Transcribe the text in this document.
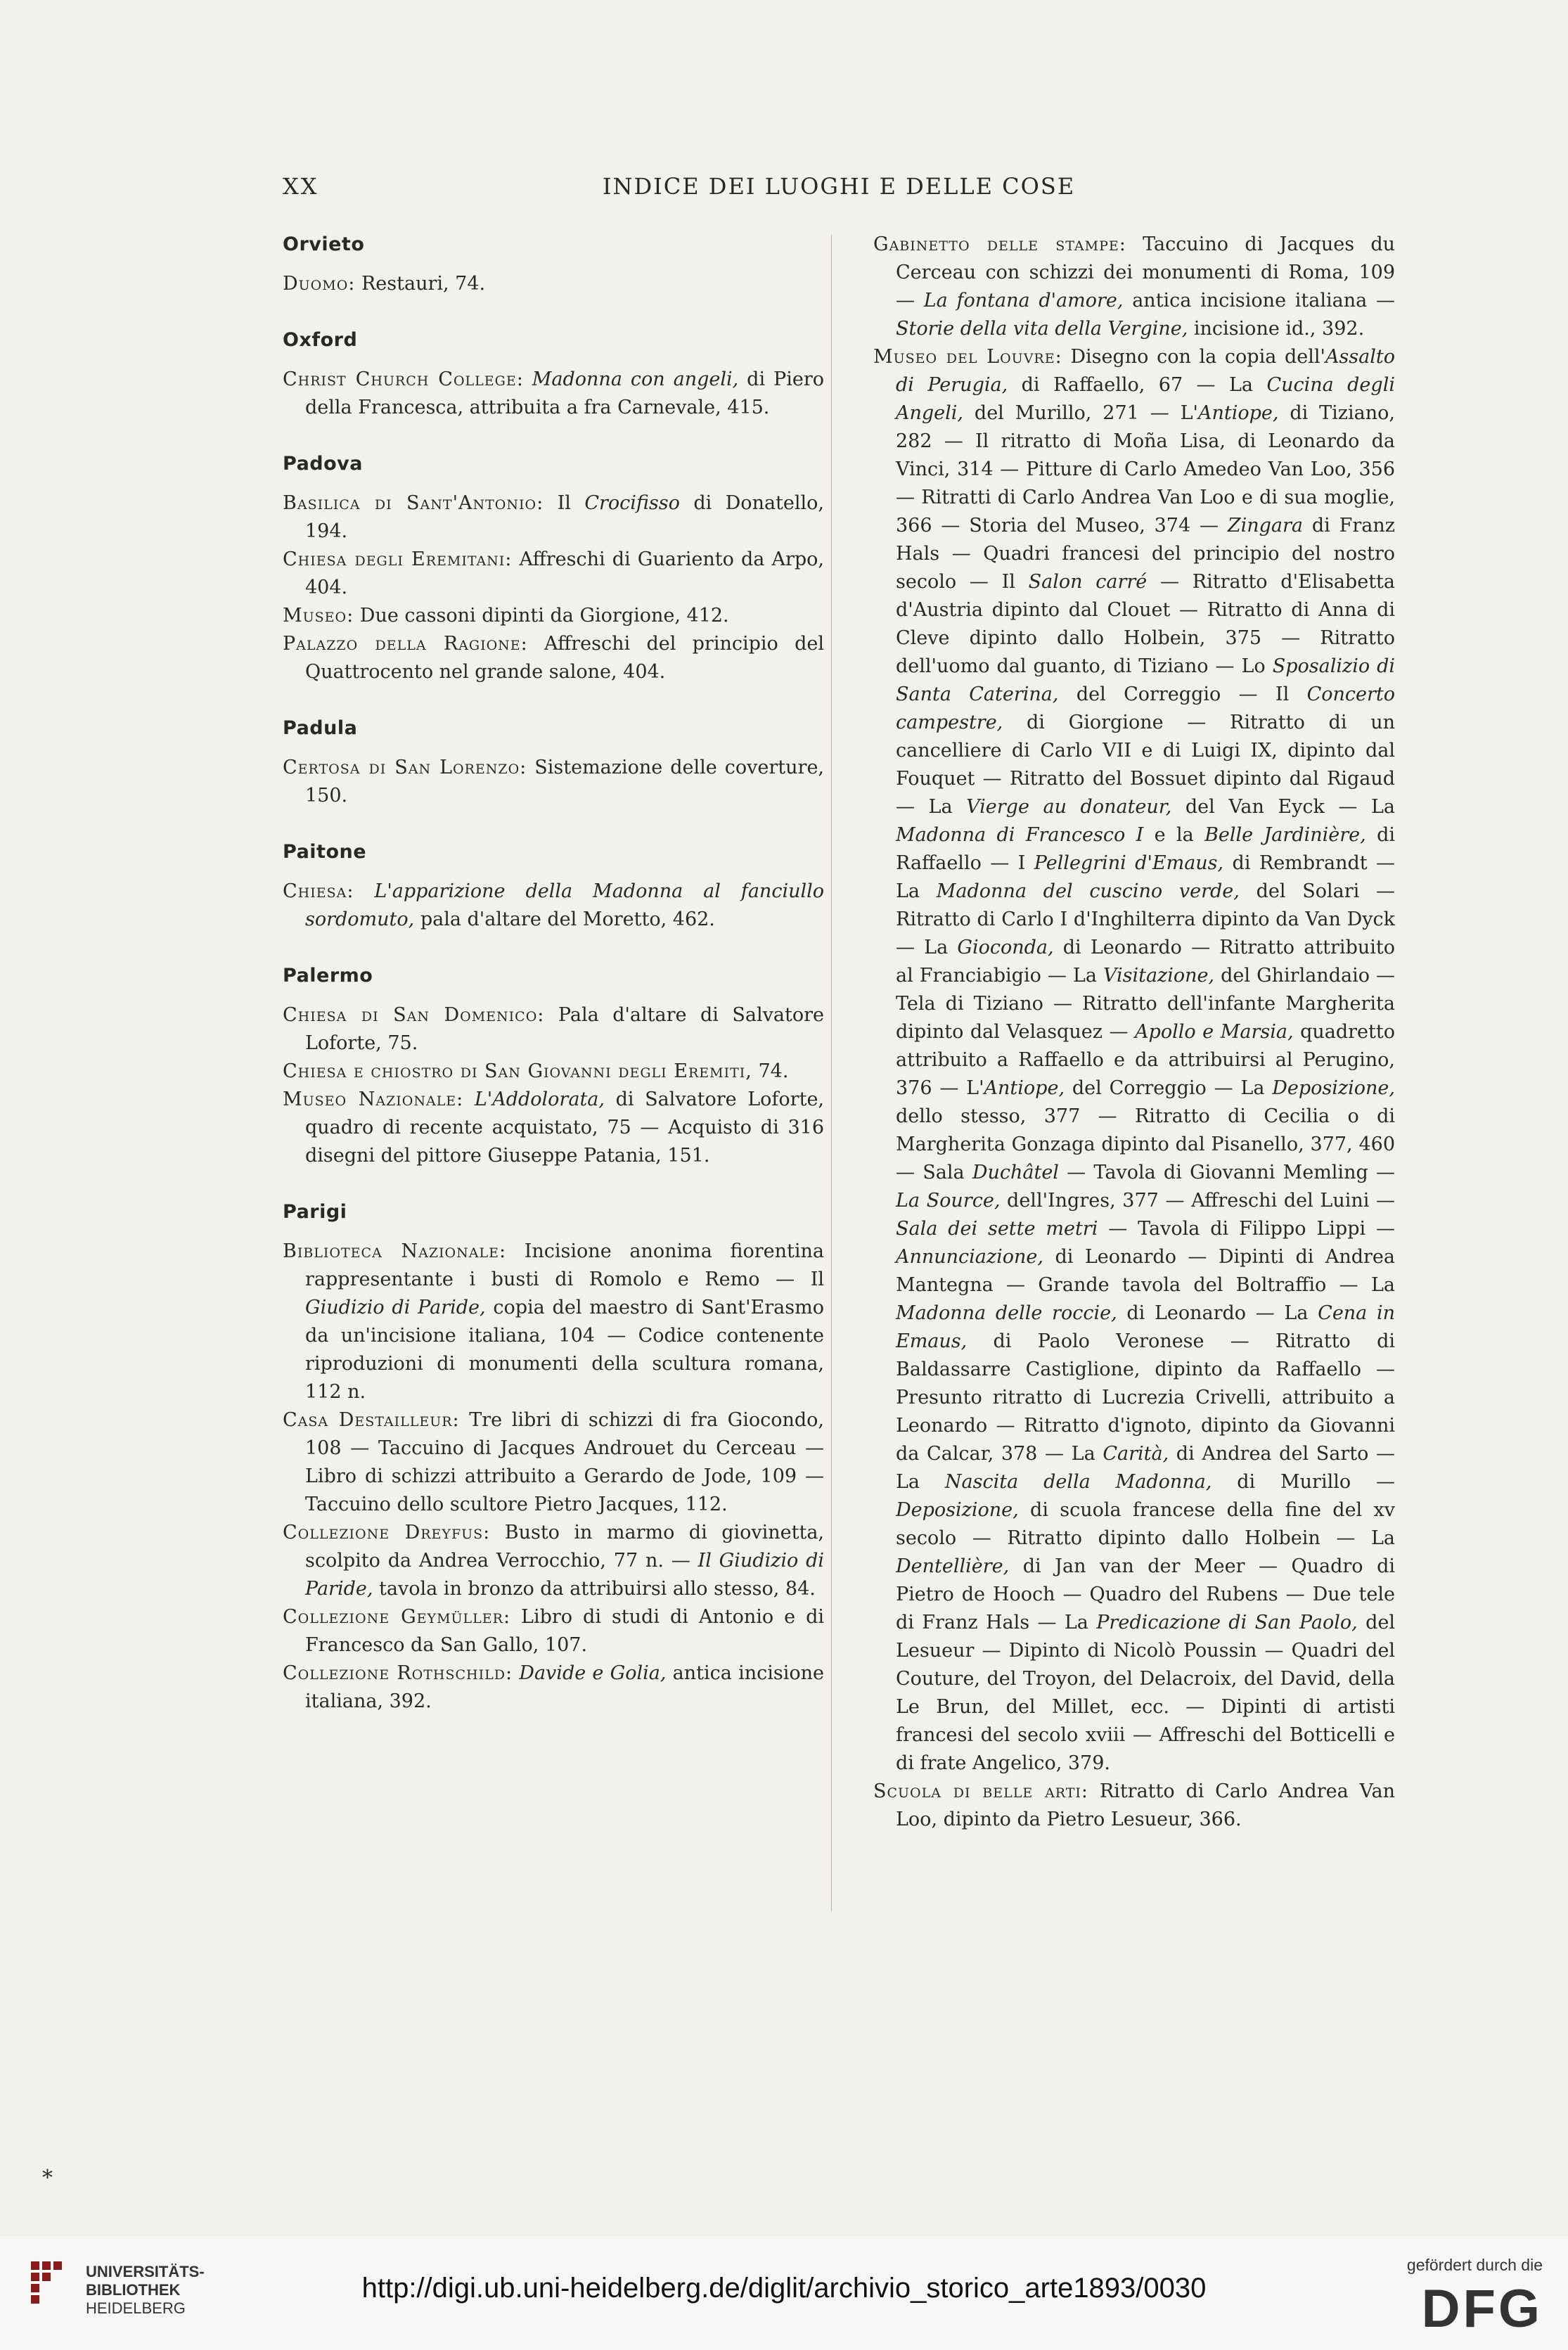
XX	INDICE DEI LUOGHI E DELLE COSE
Orvieto

Duomo: Restauri, 74.

Oxford

Christ Church College: Madonna con angeli, di Piero della Francesca, attribuita a fra Carnevale, 415.

Padova

Basilica di Sant'Antonio: Il Crocifisso di Donatello, 194.

Chiesa degli Eremitani: Affreschi di Guariento da Arpo, 404.

Museo: Due cassoni dipinti da Giorgione, 412.

Palazzo della Ragione: Affreschi del principio del Quattrocento nel grande salone, 404.

Padula

Certosa di San Lorenzo: Sistemazione delle coverture, 150.

Paitone

Chiesa: L'apparizione della Madonna al fanciullo sordomuto, pala d'altare del Moretto, 462.

Palermo

Chiesa di San Domenico: Pala d'altare di Salvatore Loforte, 75.

Chiesa e chiostro di San Giovanni degli Eremiti, 74.

Museo Nazionale: L'Addolorata, di Salvatore Loforte, quadro di recente acquistato, 75 — Acquisto di 316 disegni del pittore Giuseppe Patania, 151.

Parigi

Biblioteca Nazionale: Incisione anonima fiorentina rappresentante i busti di Romolo e Remo — Il Giudizio di Paride, copia del maestro di Sant'Erasmo da un'incisione italiana, 104 — Codice contenente riproduzioni di monumenti della scultura romana, 112 n.

Casa Destailleur: Tre libri di schizzi di fra Giocondo, 108 — Taccuino di Jacques Androuet du Cerceau — Libro di schizzi attribuito a Gerardo de Jode, 109 — Taccuino dello scultore Pietro Jacques, 112.

Collezione Dreyfus: Busto in marmo di giovinetta, scolpito da Andrea Verrocchio, 77 n. — Il Giudizio di Paride, tavola in bronzo da attribuirsi allo stesso, 84.

Collezione Geymüller: Libro di studi di Antonio e di Francesco da San Gallo, 107.

Collezione Rothschild: Davide e Golia, antica incisione italiana, 392.

Gabinetto delle stampe: Taccuino di Jacques du Cerceau con schizzi dei monumenti di Roma, 109 — La fontana d'amore, antica incisione italiana — Storie della vita della Vergine, incisione id., 392.

Museo del Louvre: Disegno con la copia dell'Assalto di Perugia, di Raffaello, 67 — La Cucina degli Angeli, del Murillo, 271 — L'Antiope, di Tiziano, 282 — Il ritratto di Moña Lisa, di Leonardo da Vinci, 314 — Pitture di Carlo Amedeo Van Loo, 356 — Ritratti di Carlo Andrea Van Loo e di sua moglie, 366 — Storia del Museo, 374 — Zingara di Franz Hals — Quadri francesi del principio del nostro secolo — Il Salon carré — Ritratto d'Elisabetta d'Austria dipinto dal Clouet — Ritratto di Anna di Cleve dipinto dallo Holbein, 375 — Ritratto dell'uomo dal guanto, di Tiziano — Lo Sposalizio di Santa Caterina, del Correggio — Il Concerto campestre, di Giorgione — Ritratto di un cancelliere di Carlo VII e di Luigi IX, dipinto dal Fouquet — Ritratto del Bossuet dipinto dal Rigaud — La Vierge au donateur, del Van Eyck — La Madonna di Francesco I e la Belle Jardinière, di Raffaello — I Pellegrini d'Emaus, di Rembrandt — La Madonna del cuscino verde, del Solari — Ritratto di Carlo I d'Inghilterra dipinto da Van Dyck — La Gioconda, di Leonardo — Ritratto attribuito al Franciabigio — La Visitazione, del Ghirlandaio — Tela di Tiziano — Ritratto dell'infante Margherita dipinto dal Velasquez — Apollo e Marsia, quadretto attribuito a Raffaello e da attribuirsi al Perugino, 376 — L'Antiope, del Correggio — La Deposizione, dello stesso, 377 — Ritratto di Cecilia o di Margherita Gonzaga dipinto dal Pisanello, 377, 460 — Sala Duchâtel — Tavola di Giovanni Memling — La Source, dell'Ingres, 377 — Affreschi del Luini — Sala dei sette metri — Tavola di Filippo Lippi — Annunciazione, di Leonardo — Dipinti di Andrea Mantegna — Grande tavola del Boltraffio — La Madonna delle roccie, di Leonardo — La Cena in Emaus, di Paolo Veronese — Ritratto di Baldassarre Castiglione, dipinto da Raffaello — Presunto ritratto di Lucrezia Crivelli, attribuito a Leonardo — Ritratto d'ignoto, dipinto da Giovanni da Calcar, 378 — La Carità, di Andrea del Sarto — La Nascita della Madonna, di Murillo — Deposizione, di scuola francese della fine del xv secolo — Ritratto dipinto dallo Holbein — La Dentellière, di Jan van der Meer — Quadro di Pietro de Hooch — Quadro del Rubens — Due tele di Franz Hals — La Predicazione di San Paolo, del Lesueur — Dipinto di Nicolò Poussin — Quadri del Couture, del Troyon, del Delacroix, del David, della Le Brun, del Millet, ecc. — Dipinti di artisti francesi del secolo xviii — Affreschi del Botticelli e di frate Angelico, 379.

Scuola di belle arti: Ritratto di Carlo Andrea Van Loo, dipinto da Pietro Lesueur, 366.

*
UNIVERSITÄTS-
BIBLIOTHEK
HEIDELBERG
http://digi.ub.uni-heidelberg.de/diglit/archivio_storico_arte1893/0030
gefördert durch die
DFG
